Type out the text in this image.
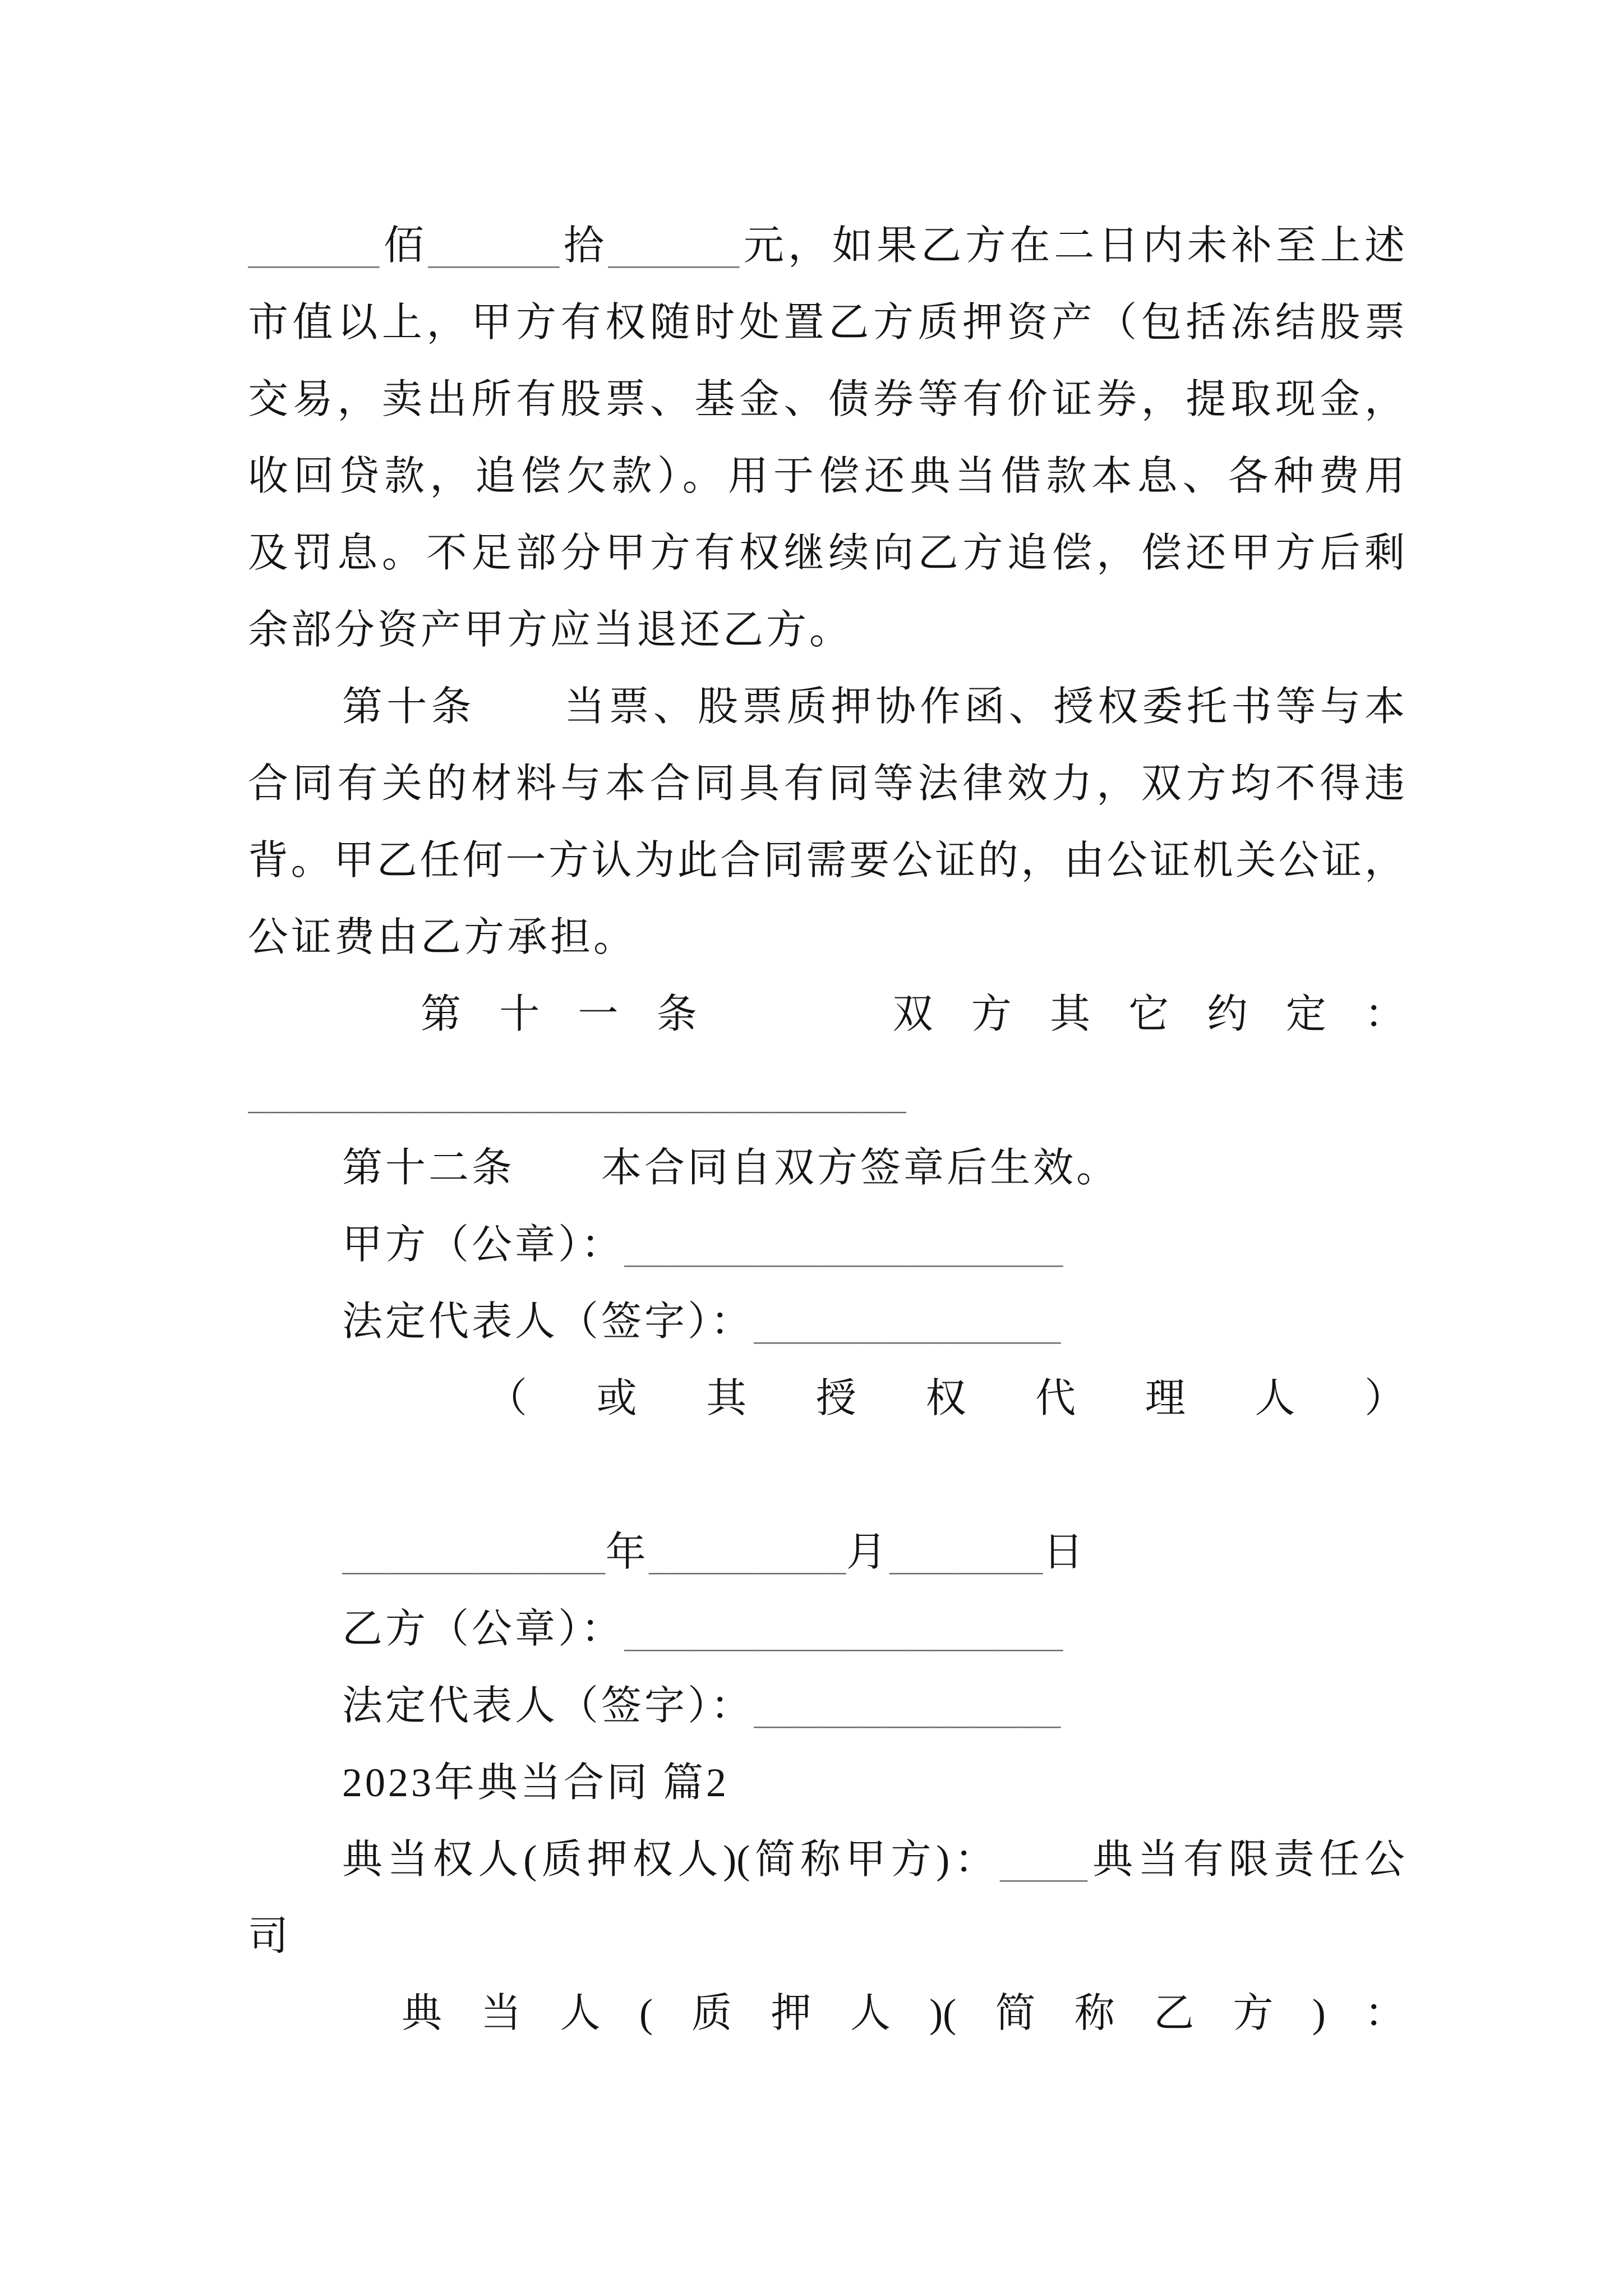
______佰______拾______元，如果乙方在二日内未补至上述
市值以上，甲方有权随时处置乙方质押资产（包括冻结股票
交易，卖出所有股票、基金、债券等有价证券，提取现金，
收回贷款，追偿欠款）。用于偿还典当借款本息、各种费用
及罚息。不足部分甲方有权继续向乙方追偿，偿还甲方后剩
余部分资产甲方应当退还乙方。
第十条　　当票、股票质押协作函、授权委托书等与本
合同有关的材料与本合同具有同等法律效力，双方均不得违
背。甲乙任何一方认为此合同需要公证的，由公证机关公证，
公证费由乙方承担。
第十一条　　双方其它约定：
______________________________
第十二条　　本合同自双方签章后生效。
甲方（公章）：____________________
法定代表人（签字）：______________
（或其授权代理人）
____________年_________月_______日
乙方（公章）：____________________
法定代表人（签字）：______________
2023年典当合同 篇2
典当权人(质押权人)(简称甲方)：____典当有限责任公
司
典当人(质押人)(简称乙方)：
